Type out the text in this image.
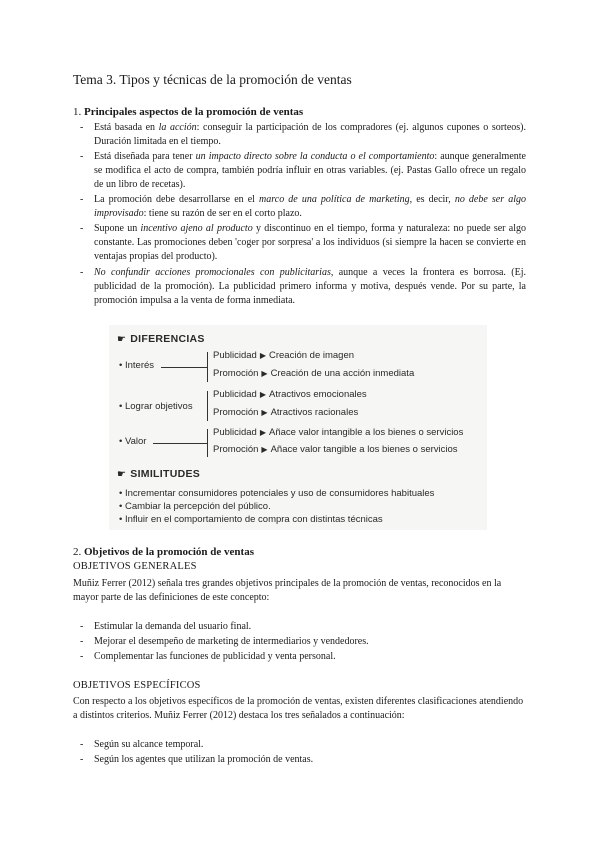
Tema 3. Tipos y técnicas de la promoción de ventas
1. Principales aspectos de la promoción de ventas
- Está basada en la acción: conseguir la participación de los compradores (ej. algunos cupones o sorteos). Duración limitada en el tiempo.
- Está diseñada para tener un impacto directo sobre la conducta o el comportamiento: aunque generalmente se modifica el acto de compra, también podría influir en otras variables. (ej. Pastas Gallo ofrece un regalo de un libro de recetas).
- La promoción debe desarrollarse en el marco de una política de marketing, es decir, no debe ser algo improvisado: tiene su razón de ser en el corto plazo.
- Supone un incentivo ajeno al producto y discontinuo en el tiempo, forma y naturaleza: no puede ser algo constante. Las promociones deben 'coger por sorpresa' a los individuos (si siempre la hacen se convierte en ventajas propias del producto).
- No confundir acciones promocionales con publicitarias, aunque a veces la frontera es borrosa. (Ej. publicidad de la promoción). La publicidad primero informa y motiva, después vende. Por su parte, la promoción impulsa a la venta de forma inmediata.
☛ DIFERENCIAS
• Interés
Publicidad ▶ Creación de imagen
Promoción ▶ Creación de una acción inmediata
• Lograr objetivos
Publicidad ▶ Atractivos emocionales
Promoción ▶ Atractivos racionales
• Valor
Publicidad ▶ Añace valor intangible a los bienes o servicios
Promoción ▶ Añace valor tangible a los bienes o servicios
☛ SIMILITUDES
• Incrementar consumidores potenciales y uso de consumidores habituales
• Cambiar la percepción del público.
• Influir en el comportamiento de compra con distintas técnicas
2. Objetivos de la promoción de ventas
OBJETIVOS GENERALES
Muñiz Ferrer (2012) señala tres grandes objetivos principales de la promoción de ventas, reconocidos en la mayor parte de las definiciones de este concepto:
- Estimular la demanda del usuario final.
- Mejorar el desempeño de marketing de intermediarios y vendedores.
- Complementar las funciones de publicidad y venta personal.
OBJETIVOS ESPECÍFICOS
Con respecto a los objetivos específicos de la promoción de ventas, existen diferentes clasificaciones atendiendo a distintos criterios. Muñiz Ferrer (2012) destaca los tres señalados a continuación:
- Según su alcance temporal.
- Según los agentes que utilizan la promoción de ventas.
